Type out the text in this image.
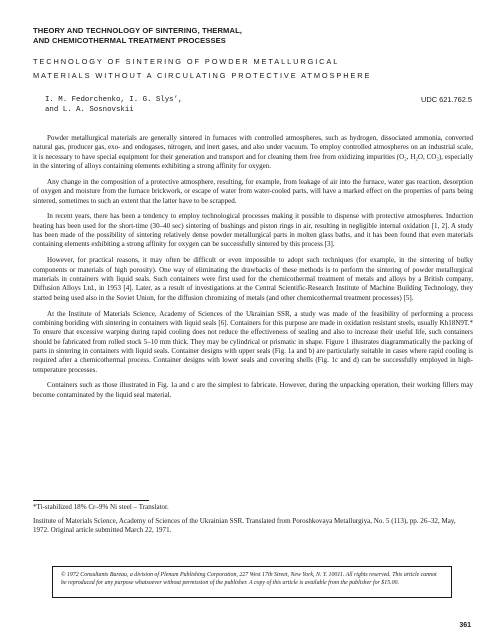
THEORY AND TECHNOLOGY OF SINTERING, THERMAL,
AND CHEMICOTHERMAL TREATMENT PROCESSES
TECHNOLOGY OF SINTERING OF POWDER METALLURGICAL
MATERIALS WITHOUT A CIRCULATING PROTECTIVE ATMOSPHERE
I. M. Fedorchenko, I. G. Slys’,
and L. A. Sosnovskii
UDC 621.762.5

Powder metallurgical materials are generally sintered in furnaces with controlled atmospheres, such as hydrogen, dissociated ammonia, converted natural gas, producer gas, exo- and endogases, nitrogen, and inert gases, and also under vacuum. To employ controlled atmospheres on an industrial scale, it is necessary to have special equipment for their generation and transport and for cleaning them free from oxidizing impurities (O₂, H₂O, CO₂), especially in the sintering of alloys containing elements exhibiting a strong affinity for oxygen.

Any change in the composition of a protective atmosphere, resulting, for example, from leakage of air into the furnace, water gas reaction, desorption of oxygen and moisture from the furnace brickwork, or escape of water from water-cooled parts, will have a marked effect on the properties of parts being sintered, sometimes to such an extent that the latter have to be scrapped.

In recent years, there has been a tendency to employ technological processes making it possible to dispense with protective atmospheres. Induction heating has been used for the short-time (30–40 sec) sintering of bushings and piston rings in air, resulting in negligible internal oxidation [1, 2]. A study has been made of the possibility of sintering relatively dense powder metallurgical parts in molten glass baths, and it has been found that even materials containing elements exhibiting a strong affinity for oxygen can be successfully sintered by this process [3].

However, for practical reasons, it may often be difficult or even impossible to adopt such techniques (for example, in the sintering of bulky components or materials of high porosity). One way of eliminating the drawbacks of these methods is to perform the sintering of powder metallurgical materials in containers with liquid seals. Such containers were first used for the chemicothermal treatment of metals and alloys by a British company, Diffusion Alloys Ltd., in 1953 [4]. Later, as a result of investigations at the Central Scientific-Research Institute of Machine Building Technology, they started being used also in the Soviet Union, for the diffusion chromizing of metals (and other chemicothermal treatment processes) [5].

At the Institute of Materials Science, Academy of Sciences of the Ukrainian SSR, a study was made of the feasibility of performing a process combining boriding with sintering in containers with liquid seals [6]. Containers for this purpose are made in oxidation resistant steels, usually Kh18N9T.* To ensure that excessive warping during rapid cooling does not reduce the effectiveness of sealing and also to increase their useful life, such containers should be fabricated from rolled stock 5–10 mm thick. They may be cylindrical or prismatic in shape. Figure 1 illustrates diagrammatically the packing of parts in sintering in containers with liquid seals. Container designs with upper seals (Fig. 1a and b) are particularly suitable in cases where rapid cooling is required after a chemicothermal process. Container designs with lower seals and covering shells (Fig. 1c and d) can be successfully employed in high-temperature processes.

Containers such as those illustrated in Fig. 1a and c are the simplest to fabricate. However, during the unpacking operation, their working fillers may become contaminated by the liquid seal material.

*Ti-stabilized 18% Cr–9% Ni steel – Translator.
Institute of Materials Science, Academy of Sciences of the Ukrainian SSR. Translated from Poroshkovaya Metallurgiya, No. 5 (113), pp. 26–32, May, 1972. Original article submitted March 22, 1971.
© 1972 Consultants Bureau, a division of Plenum Publishing Corporation, 227 West 17th Street, New York, N. Y. 10011. All rights reserved. This article cannot be reproduced for any purpose whatsoever without permission of the publisher. A copy of this article is available from the publisher for $15.00.
361
